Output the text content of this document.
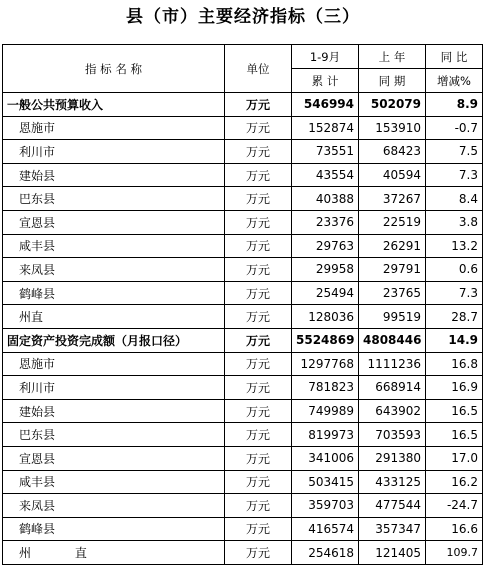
县（市）主要经济指标（三）
指 标 名 称	单位	1-9月	上 年	同 比
		累 计	同 期	增减%
一般公共预算收入	万元	546994	502079	8.9
恩施市	万元	152874	153910	-0.7
利川市	万元	73551	68423	7.5
建始县	万元	43554	40594	7.3
巴东县	万元	40388	37267	8.4
宣恩县	万元	23376	22519	3.8
咸丰县	万元	29763	26291	13.2
来凤县	万元	29958	29791	0.6
鹤峰县	万元	25494	23765	7.3
州直	万元	128036	99519	28.7
固定资产投资完成额（月报口径）	万元	5524869	4808446	14.9
恩施市	万元	1297768	1111236	16.8
利川市	万元	781823	668914	16.9
建始县	万元	749989	643902	16.5
巴东县	万元	819973	703593	16.5
宣恩县	万元	341006	291380	17.0
咸丰县	万元	503415	433125	16.2
来凤县	万元	359703	477544	-24.7
鹤峰县	万元	416574	357347	16.6
州 直	万元	254618	121405	109.7
